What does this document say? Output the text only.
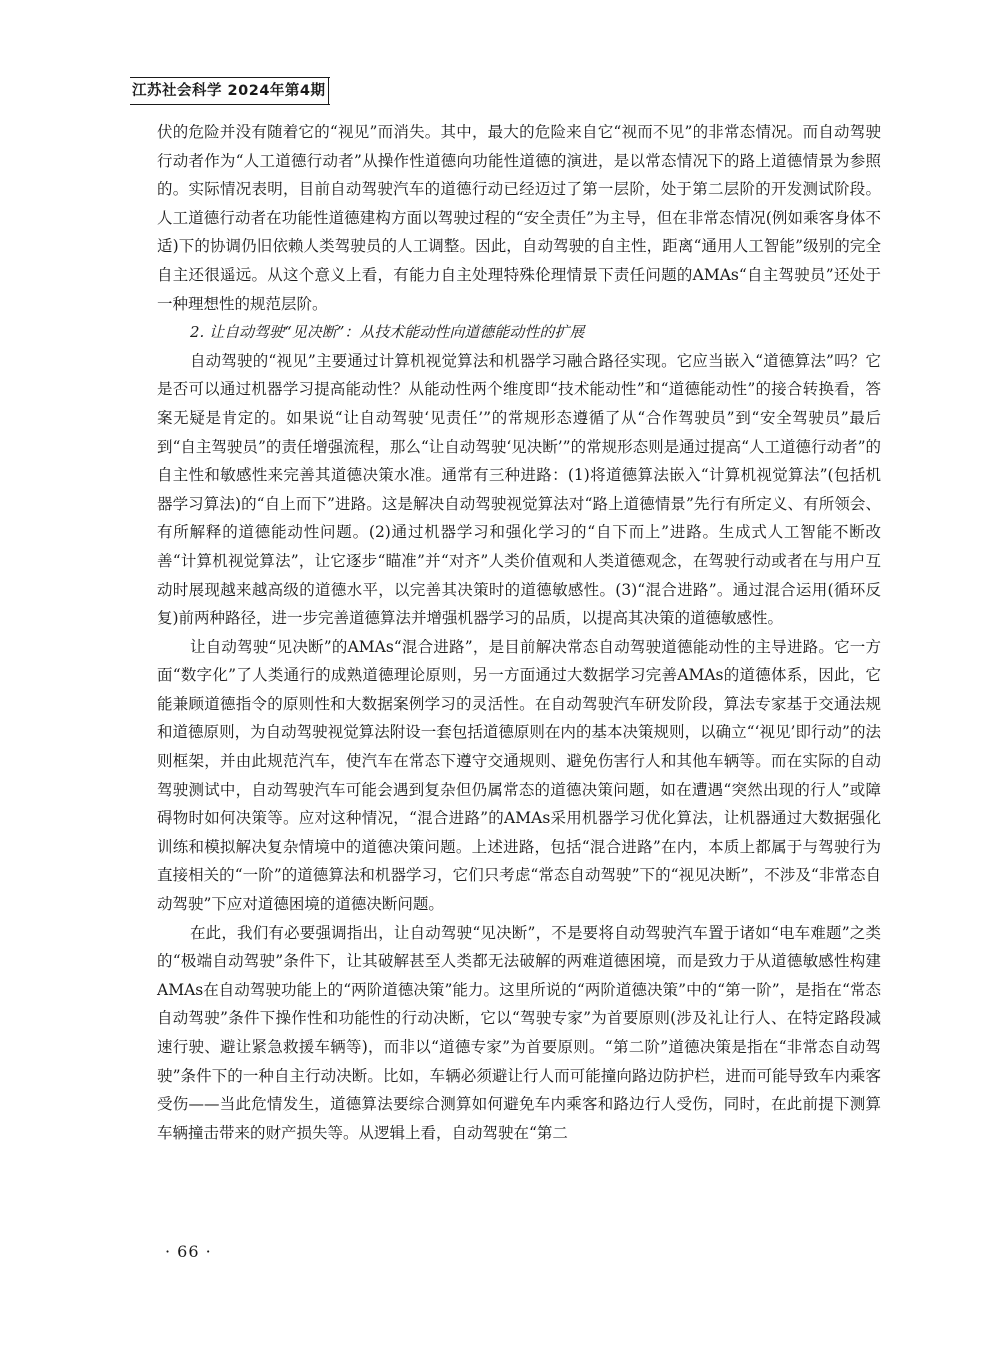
江苏社会科学 2024年第4期

伏的危险并没有随着它的“视见”而消失。其中，最大的危险来自它“视而不见”的非常态情况。而自动驾驶行动者作为“人工道德行动者”从操作性道德向功能性道德的演进，是以常态情况下的路上道德情景为参照的。实际情况表明，目前自动驾驶汽车的道德行动已经迈过了第一层阶，处于第二层阶的开发测试阶段。人工道德行动者在功能性道德建构方面以驾驶过程的“安全责任”为主导，但在非常态情况(例如乘客身体不适)下的协调仍旧依赖人类驾驶员的人工调整。因此，自动驾驶的自主性，距离“通用人工智能”级别的完全自主还很遥远。从这个意义上看，有能力自主处理特殊伦理情景下责任问题的AMAs“自主驾驶员”还处于一种理想性的规范层阶。

2. 让自动驾驶“见决断”：从技术能动性向道德能动性的扩展

自动驾驶的“视见”主要通过计算机视觉算法和机器学习融合路径实现。它应当嵌入“道德算法”吗？它是否可以通过机器学习提高能动性？从能动性两个维度即“技术能动性”和“道德能动性”的接合转换看，答案无疑是肯定的。如果说“让自动驾驶‘见责任’”的常规形态遵循了从“合作驾驶员”到“安全驾驶员”最后到“自主驾驶员”的责任增强流程，那么“让自动驾驶‘见决断’”的常规形态则是通过提高“人工道德行动者”的自主性和敏感性来完善其道德决策水准。通常有三种进路：(1)将道德算法嵌入“计算机视觉算法”(包括机器学习算法)的“自上而下”进路。这是解决自动驾驶视觉算法对“路上道德情景”先行有所定义、有所领会、有所解释的道德能动性问题。(2)通过机器学习和强化学习的“自下而上”进路。生成式人工智能不断改善“计算机视觉算法”，让它逐步“瞄准”并“对齐”人类价值观和人类道德观念，在驾驶行动或者在与用户互动时展现越来越高级的道德水平，以完善其决策时的道德敏感性。(3)“混合进路”。通过混合运用(循环反复)前两种路径，进一步完善道德算法并增强机器学习的品质，以提高其决策的道德敏感性。

让自动驾驶“见决断”的AMAs“混合进路”，是目前解决常态自动驾驶道德能动性的主导进路。它一方面“数字化”了人类通行的成熟道德理论原则，另一方面通过大数据学习完善AMAs的道德体系，因此，它能兼顾道德指令的原则性和大数据案例学习的灵活性。在自动驾驶汽车研发阶段，算法专家基于交通法规和道德原则，为自动驾驶视觉算法附设一套包括道德原则在内的基本决策规则，以确立“‘视见’即行动”的法则框架，并由此规范汽车，使汽车在常态下遵守交通规则、避免伤害行人和其他车辆等。而在实际的自动驾驶测试中，自动驾驶汽车可能会遇到复杂但仍属常态的道德决策问题，如在遭遇“突然出现的行人”或障碍物时如何决策等。应对这种情况，“混合进路”的AMAs采用机器学习优化算法，让机器通过大数据强化训练和模拟解决复杂情境中的道德决策问题。上述进路，包括“混合进路”在内，本质上都属于与驾驶行为直接相关的“一阶”的道德算法和机器学习，它们只考虑“常态自动驾驶”下的“视见决断”，不涉及“非常态自动驾驶”下应对道德困境的道德决断问题。

在此，我们有必要强调指出，让自动驾驶“见决断”，不是要将自动驾驶汽车置于诸如“电车难题”之类的“极端自动驾驶”条件下，让其破解甚至人类都无法破解的两难道德困境，而是致力于从道德敏感性构建AMAs在自动驾驶功能上的“两阶道德决策”能力。这里所说的“两阶道德决策”中的“第一阶”，是指在“常态自动驾驶”条件下操作性和功能性的行动决断，它以“驾驶专家”为首要原则(涉及礼让行人、在特定路段减速行驶、避让紧急救援车辆等)，而非以“道德专家”为首要原则。“第二阶”道德决策是指在“非常态自动驾驶”条件下的一种自主行动决断。比如，车辆必须避让行人而可能撞向路边防护栏，进而可能导致车内乘客受伤——当此危情发生，道德算法要综合测算如何避免车内乘客和路边行人受伤，同时，在此前提下测算车辆撞击带来的财产损失等。从逻辑上看，自动驾驶在“第二

· 66 ·
